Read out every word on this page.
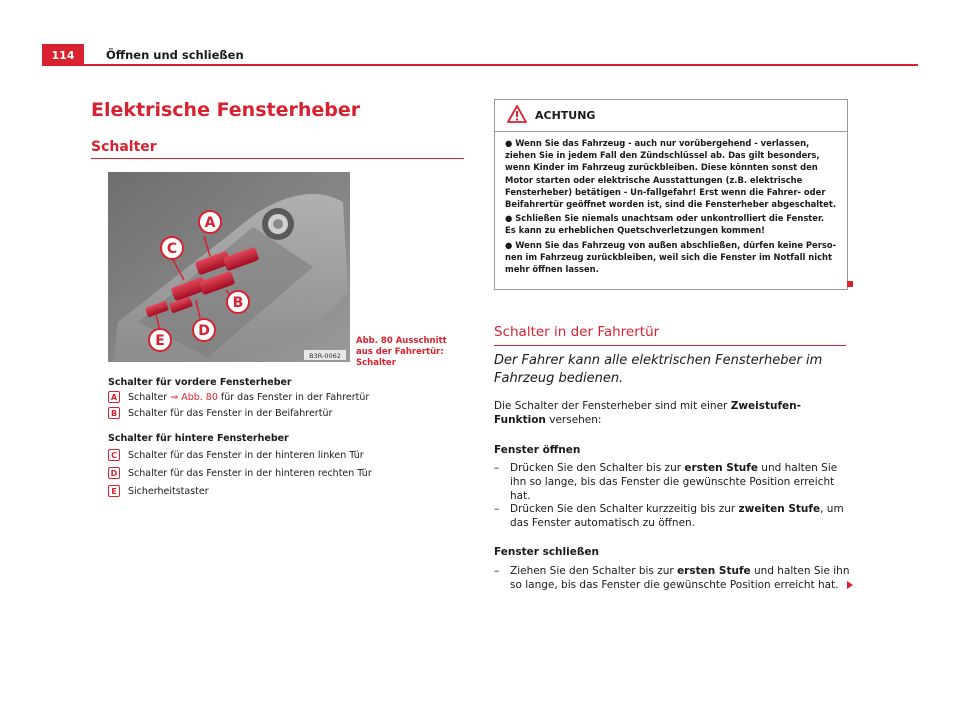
114	Öffnen und schließen
Elektrische Fensterheber
Schalter
A
C
B
D
E
B3R-0062
Abb. 80 Ausschnitt aus der Fahrertür: Schalter
Schalter für vordere Fensterheber
A	Schalter ⇒ Abb. 80 für das Fenster in der Fahrertür
B	Schalter für das Fenster in der Beifahrertür
Schalter für hintere Fensterheber
C	Schalter für das Fenster in der hinteren linken Tür
D Schalter für das Fenster in der hinteren rechten Tür
E	Sicherheitstaster
ACHTUNG

● Wenn Sie das Fahrzeug - auch nur vorübergehend - verlassen, ziehen Sie in jedem Fall den Zündschlüssel ab. Das gilt besonders, wenn Kinder im Fahrzeug zurückbleiben. Diese könnten sonst den Motor starten oder elektrische Ausstattungen (z.B. elektrische Fensterheber) betätigen - Un-fallgefahr! Erst wenn die Fahrer- oder Beifahrertür geöffnet worden ist, sind die Fensterheber abgeschaltet.

● Schließen Sie niemals unachtsam oder unkontrolliert die Fenster. Es kann zu erheblichen Quetschverletzungen kommen!

● Wenn Sie das Fahrzeug von außen abschließen, dürfen keine Perso-nen im Fahrzeug zurückbleiben, weil sich die Fenster im Notfall nicht mehr öffnen lassen.

Schalter in der Fahrertür
Der Fahrer kann alle elektrischen Fensterheber im Fahrzeug bedienen.
Die Schalter der Fensterheber sind mit einer Zweistufen-Funktion versehen:
Fenster öffnen
–	Drücken Sie den Schalter bis zur ersten Stufe und halten Sie ihn so lange, bis das Fenster die gewünschte Position erreicht hat.
–	Drücken Sie den Schalter kurzzeitig bis zur zweiten Stufe, um das Fenster automatisch zu öffnen.
Fenster schließen
–	Ziehen Sie den Schalter bis zur ersten Stufe und halten Sie ihn so lange, bis das Fenster die gewünschte Position erreicht hat.
